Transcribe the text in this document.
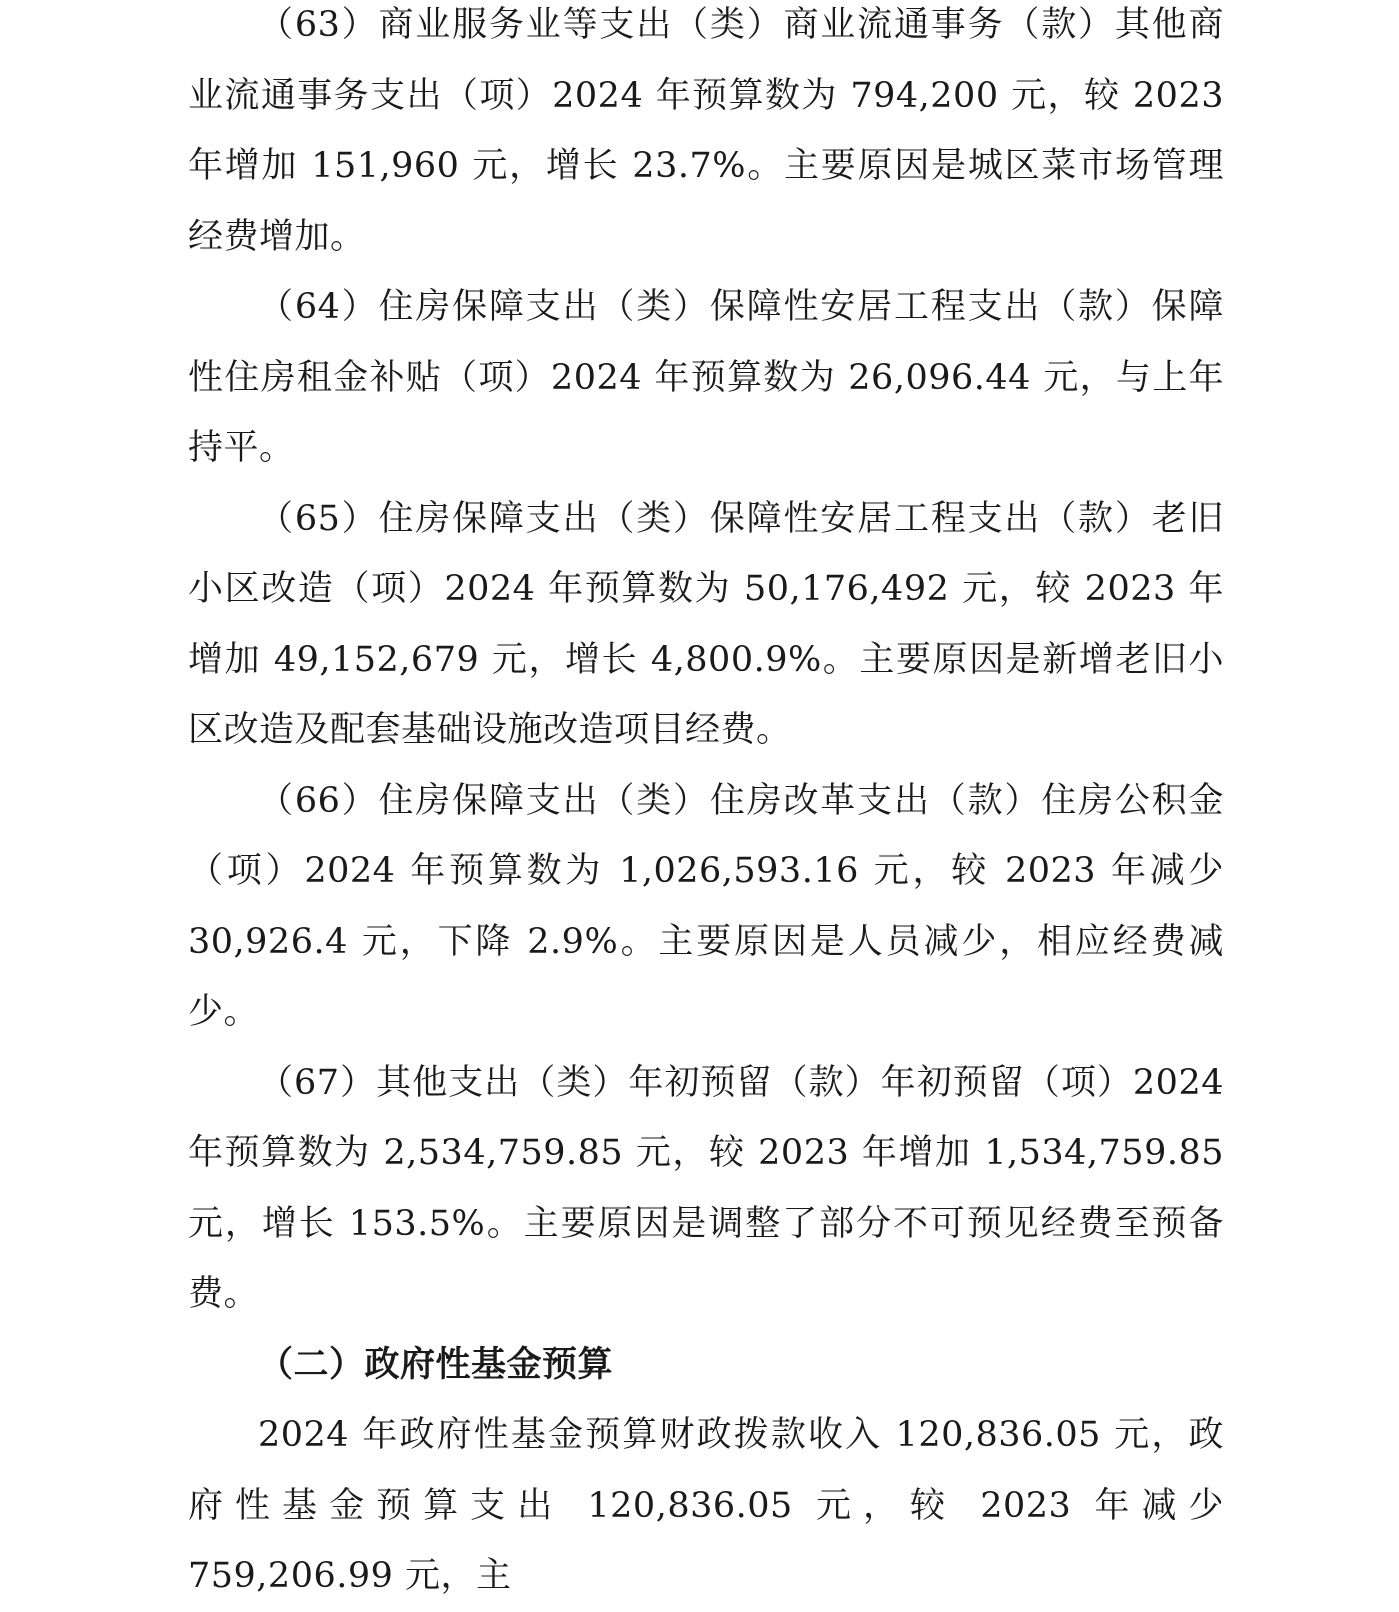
（63）商业服务业等支出（类）商业流通事务（款）其他商业流通事务支出（项）2024 年预算数为 794,200 元，较 2023 年增加 151,960 元，增长 23.7%。主要原因是城区菜市场管理经费增加。

（64）住房保障支出（类）保障性安居工程支出（款）保障性住房租金补贴（项）2024 年预算数为 26,096.44 元，与上年持平。

（65）住房保障支出（类）保障性安居工程支出（款）老旧小区改造（项）2024 年预算数为 50,176,492 元，较 2023 年增加 49,152,679 元，增长 4,800.9%。主要原因是新增老旧小区改造及配套基础设施改造项目经费。

（66）住房保障支出（类）住房改革支出（款）住房公积金（项）2024 年预算数为 1,026,593.16 元，较 2023 年减少 30,926.4 元，下降 2.9%。主要原因是人员减少，相应经费减少。

（67）其他支出（类）年初预留（款）年初预留（项）2024 年预算数为 2,534,759.85 元，较 2023 年增加 1,534,759.85 元，增长 153.5%。主要原因是调整了部分不可预见经费至预备费。

（二）政府性基金预算

2024 年政府性基金预算财政拨款收入 120,836.05 元，政府性基金预算支出 120,836.05 元，较 2023 年减少 759,206.99 元，主
